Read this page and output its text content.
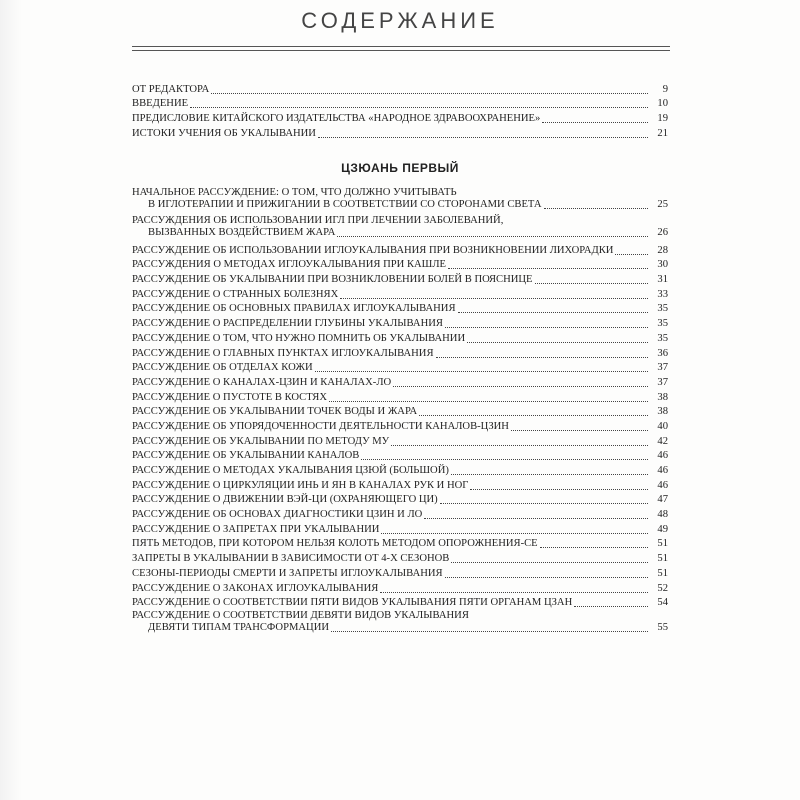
СОДЕРЖАНИЕ
ОТ РЕДАКТОРА	9
ВВЕДЕНИЕ	10
ПРЕДИСЛОВИЕ КИТАЙСКОГО ИЗДАТЕЛЬСТВА «НАРОДНОЕ ЗДРАВООХРАНЕНИЕ»	19
ИСТОКИ УЧЕНИЯ ОБ УКАЛЫВАНИИ	21
ЦЗЮАНЬ ПЕРВЫЙ
НАЧАЛЬНОЕ РАССУЖДЕНИЕ: О ТОМ, ЧТО ДОЛЖНО УЧИТЫВАТЬ
В ИГЛОТЕРАПИИ И ПРИЖИГАНИИ В СООТВЕТСТВИИ СО СТОРОНАМИ СВЕТА	25
РАССУЖДЕНИЯ ОБ ИСПОЛЬЗОВАНИИ ИГЛ ПРИ ЛЕЧЕНИИ ЗАБОЛЕВАНИЙ,
ВЫЗВАННЫХ ВОЗДЕЙСТВИЕМ ЖАРА	26
РАССУЖДЕНИЕ ОБ ИСПОЛЬЗОВАНИИ ИГЛОУКАЛЫВАНИЯ ПРИ ВОЗНИКНОВЕНИИ ЛИХОРАДКИ	28
РАССУЖДЕНИЯ О МЕТОДАХ ИГЛОУКАЛЫВАНИЯ ПРИ КАШЛЕ	30
РАССУЖДЕНИЕ ОБ УКАЛЫВАНИИ ПРИ ВОЗНИКЛОВЕНИИ БОЛЕЙ В ПОЯСНИЦЕ	31
РАССУЖДЕНИЕ О СТРАННЫХ БОЛЕЗНЯХ	33
РАССУЖДЕНИЕ ОБ ОСНОВНЫХ ПРАВИЛАХ ИГЛОУКАЛЫВАНИЯ	35
РАССУЖДЕНИЕ О РАСПРЕДЕЛЕНИИ ГЛУБИНЫ УКАЛЫВАНИЯ	35
РАССУЖДЕНИЕ О ТОМ, ЧТО НУЖНО ПОМНИТЬ ОБ УКАЛЫВАНИИ	35
РАССУЖДЕНИЕ О ГЛАВНЫХ ПУНКТАХ ИГЛОУКАЛЫВАНИЯ	36
РАССУЖДЕНИЕ ОБ ОТДЕЛАХ КОЖИ	37
РАССУЖДЕНИЕ О КАНАЛАХ-ЦЗИН И КАНАЛАХ-ЛО	37
РАССУЖДЕНИЕ О ПУСТОТЕ В КОСТЯХ	38
РАССУЖДЕНИЕ ОБ УКАЛЫВАНИИ ТОЧЕК ВОДЫ И ЖАРА	38
РАССУЖДЕНИЕ ОБ УПОРЯДОЧЕННОСТИ ДЕЯТЕЛЬНОСТИ КАНАЛОВ-ЦЗИН	40
РАССУЖДЕНИЕ ОБ УКАЛЫВАНИИ ПО МЕТОДУ МУ	42
РАССУЖДЕНИЕ ОБ УКАЛЫВАНИИ КАНАЛОВ	46
РАССУЖДЕНИЕ О МЕТОДАХ УКАЛЫВАНИЯ ЦЗЮЙ (БОЛЬШОЙ)	46
РАССУЖДЕНИЕ О ЦИРКУЛЯЦИИ ИНЬ И ЯН В КАНАЛАХ РУК И НОГ	46
РАССУЖДЕНИЕ О ДВИЖЕНИИ ВЭЙ-ЦИ (ОХРАНЯЮЩЕГО ЦИ)	47
РАССУЖДЕНИЕ ОБ ОСНОВАХ ДИАГНОСТИКИ ЦЗИН И ЛО	48
РАССУЖДЕНИЕ О ЗАПРЕТАХ ПРИ УКАЛЫВАНИИ	49
ПЯТЬ МЕТОДОВ, ПРИ КОТОРОМ НЕЛЬЗЯ КОЛОТЬ МЕТОДОМ ОПОРОЖНЕНИЯ-СЕ	51
ЗАПРЕТЫ В УКАЛЫВАНИИ В ЗАВИСИМОСТИ ОТ 4-Х СЕЗОНОВ	51
СЕЗОНЫ-ПЕРИОДЫ СМЕРТИ И ЗАПРЕТЫ ИГЛОУКАЛЫВАНИЯ	51
РАССУЖДЕНИЕ О ЗАКОНАХ ИГЛОУКАЛЫВАНИЯ	52
РАССУЖДЕНИЕ О СООТВЕТСТВИИ ПЯТИ ВИДОВ УКАЛЫВАНИЯ ПЯТИ ОРГАНАМ ЦЗАН	54
РАССУЖДЕНИЕ О СООТВЕТСТВИИ ДЕВЯТИ ВИДОВ УКАЛЫВАНИЯ
ДЕВЯТИ ТИПАМ ТРАНСФОРМАЦИИ	55
